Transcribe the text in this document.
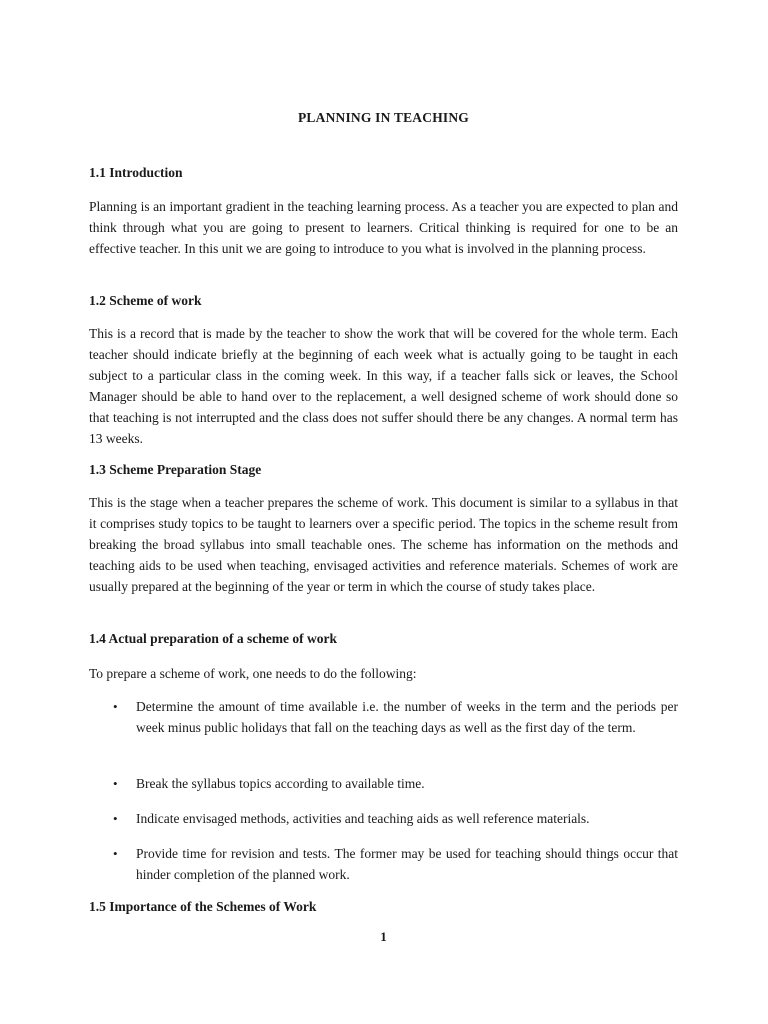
PLANNING IN TEACHING
1.1 Introduction
Planning is an important gradient in the teaching learning process. As a teacher you are expected to plan and think through what you are going to present to learners. Critical thinking is required for one to be an effective teacher. In this unit we are going to introduce to you what is involved in the planning process.
1.2 Scheme of work
This is a record that is made by the teacher to show the work that will be covered for the whole term. Each teacher should indicate briefly at the beginning of each week what is actually going to be taught in each subject to a particular class in the coming week. In this way, if a teacher falls sick or leaves, the School Manager should be able to hand over to the replacement, a well designed scheme of work should done so that teaching is not interrupted and the class does not suffer should there be any changes. A normal term has 13 weeks.
1.3 Scheme Preparation Stage
This is the stage when a teacher prepares the scheme of work. This document is similar to a syllabus in that it comprises study topics to be taught to learners over a specific period. The topics in the scheme result from breaking the broad syllabus into small teachable ones. The scheme has information on the methods and teaching aids to be used when teaching, envisaged activities and reference materials. Schemes of work are usually prepared at the beginning of the year or term in which the course of study takes place.
1.4 Actual preparation of a scheme of work
To prepare a scheme of work, one needs to do the following:
• Determine the amount of time available i.e. the number of weeks in the term and the periods per week minus public holidays that fall on the teaching days as well as the first day of the term.
• Break the syllabus topics according to available time.
• Indicate envisaged methods, activities and teaching aids as well reference materials.
• Provide time for revision and tests. The former may be used for teaching should things occur that hinder completion of the planned work.
1.5 Importance of the Schemes of Work
1
